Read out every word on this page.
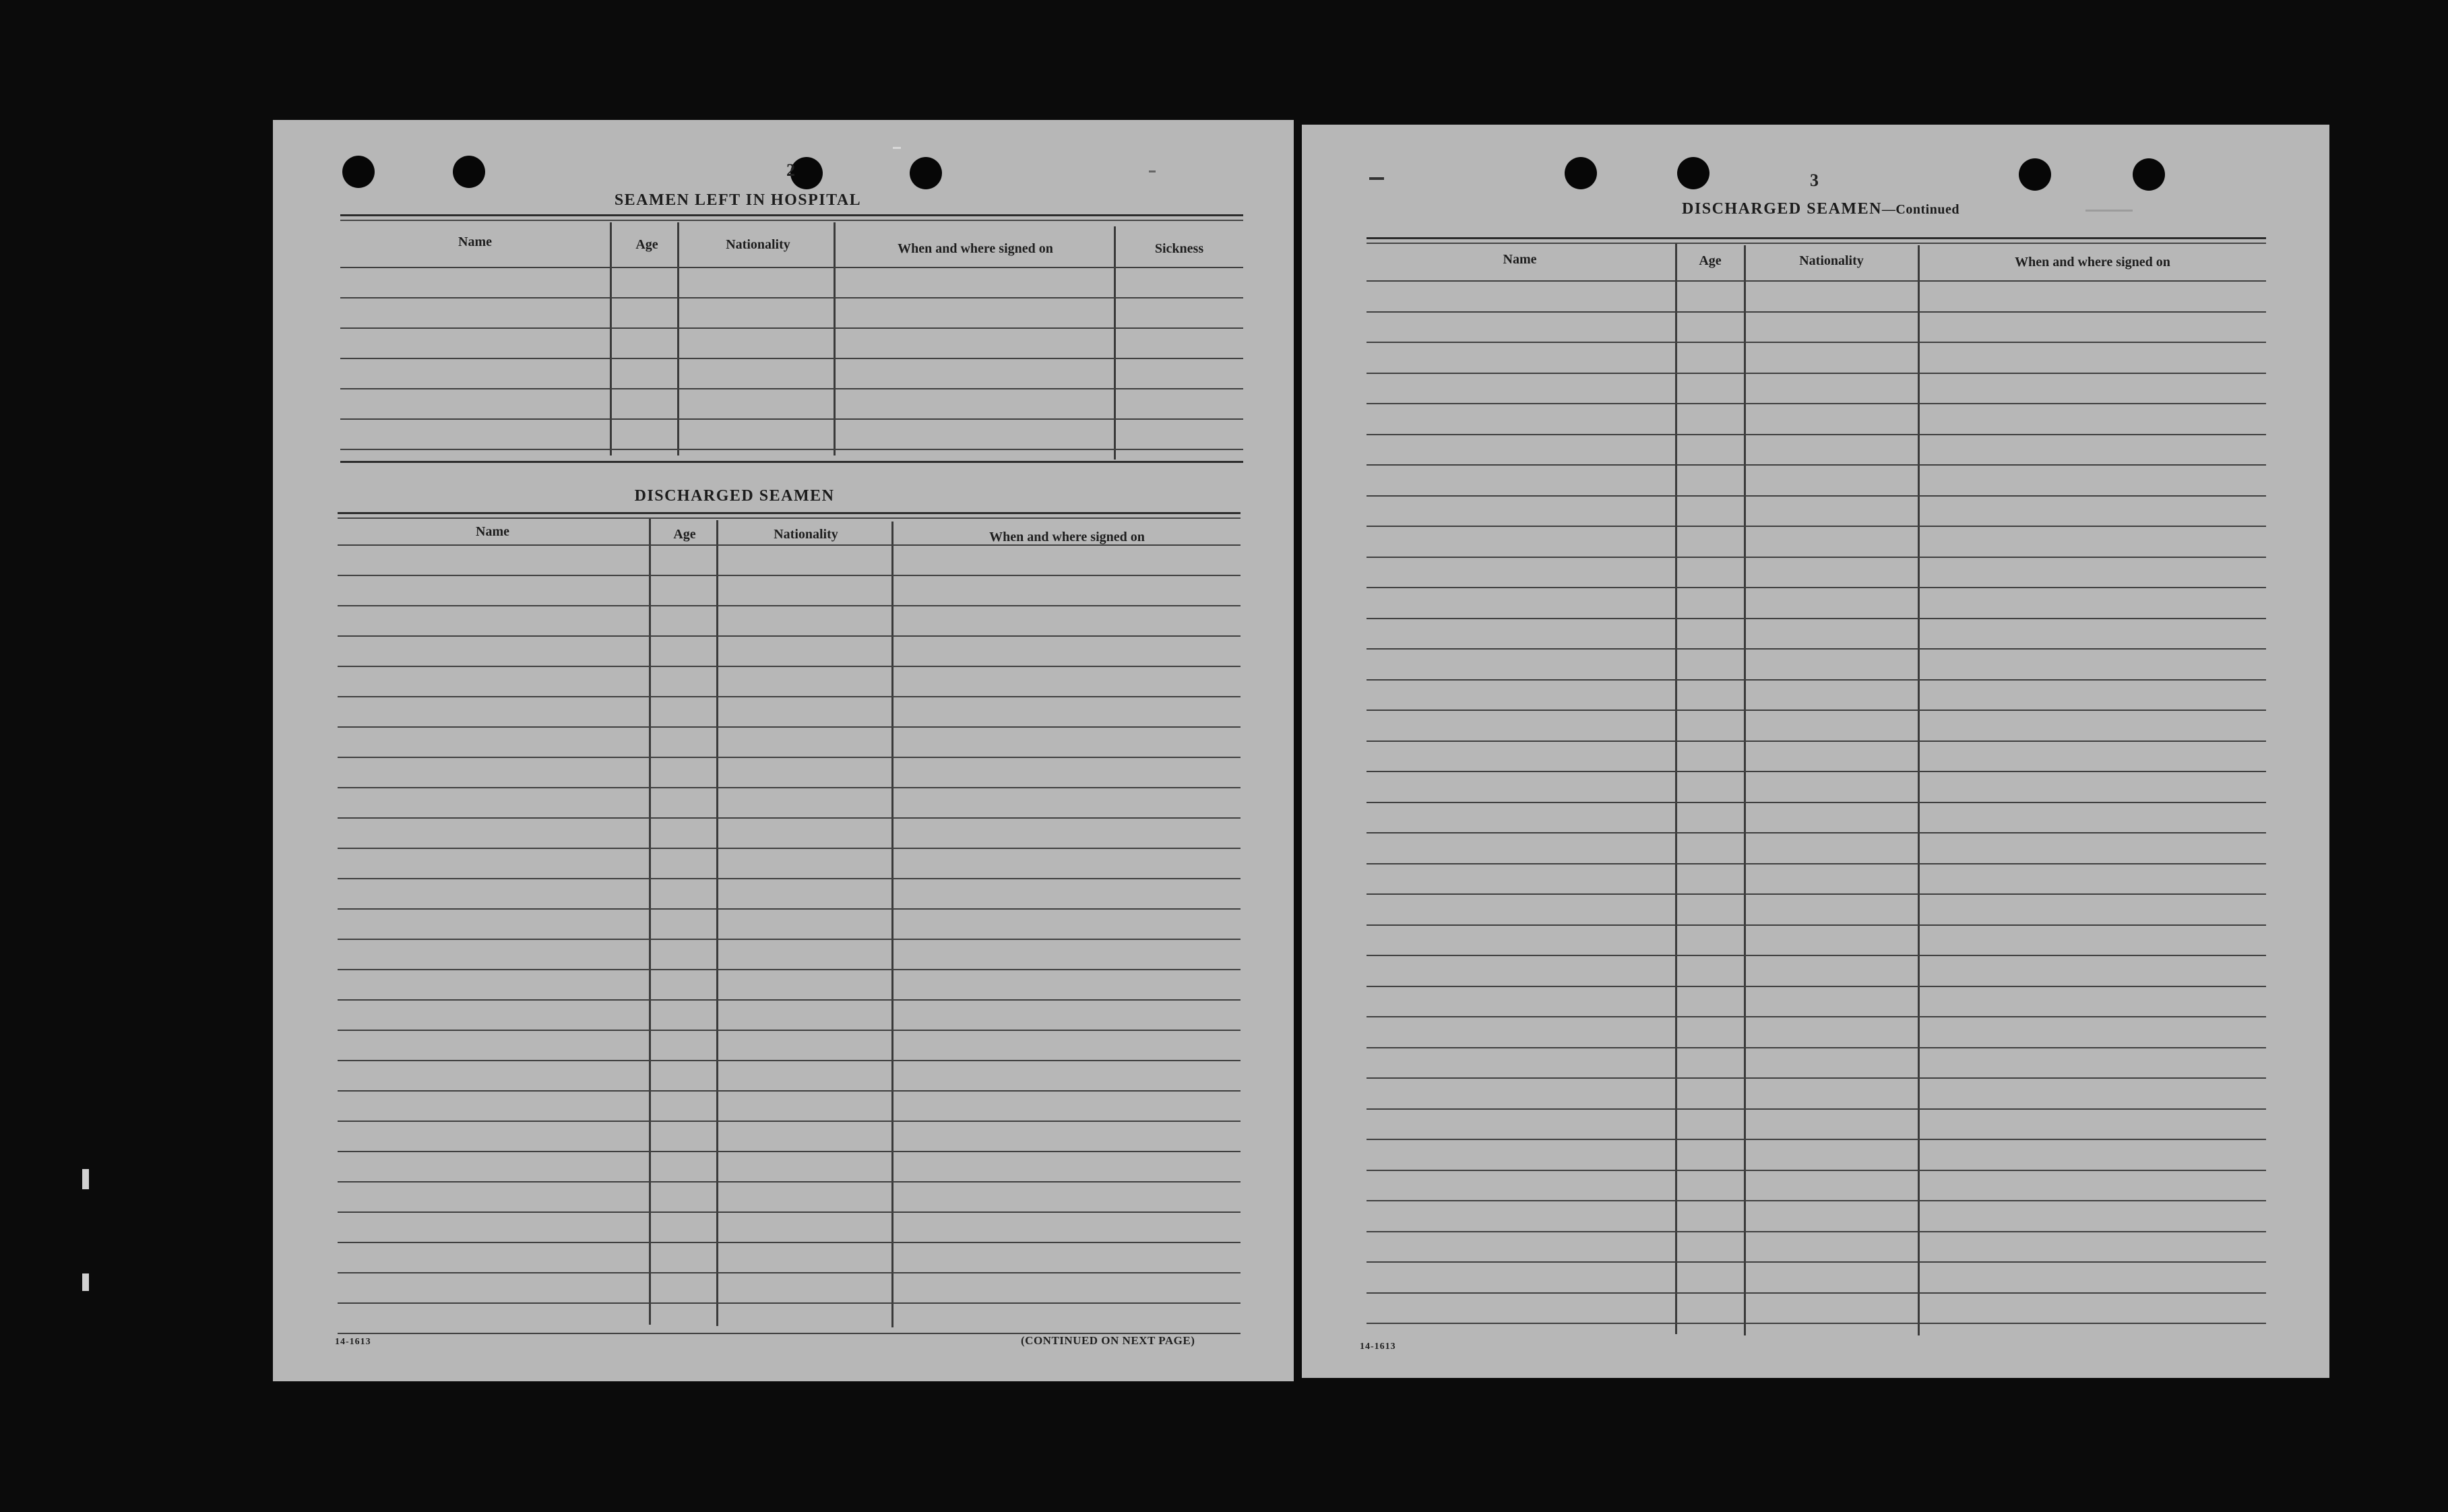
2
SEAMEN LEFT IN HOSPITAL
Name	Age	Nationality	When and where signed on	Sickness
DISCHARGED SEAMEN
Name	Age	Nationality	When and where signed on
14-1613	(CONTINUED ON NEXT PAGE)
3
DISCHARGED SEAMEN—Continued
Name	Age	Nationality	When and where signed on
14-1613
